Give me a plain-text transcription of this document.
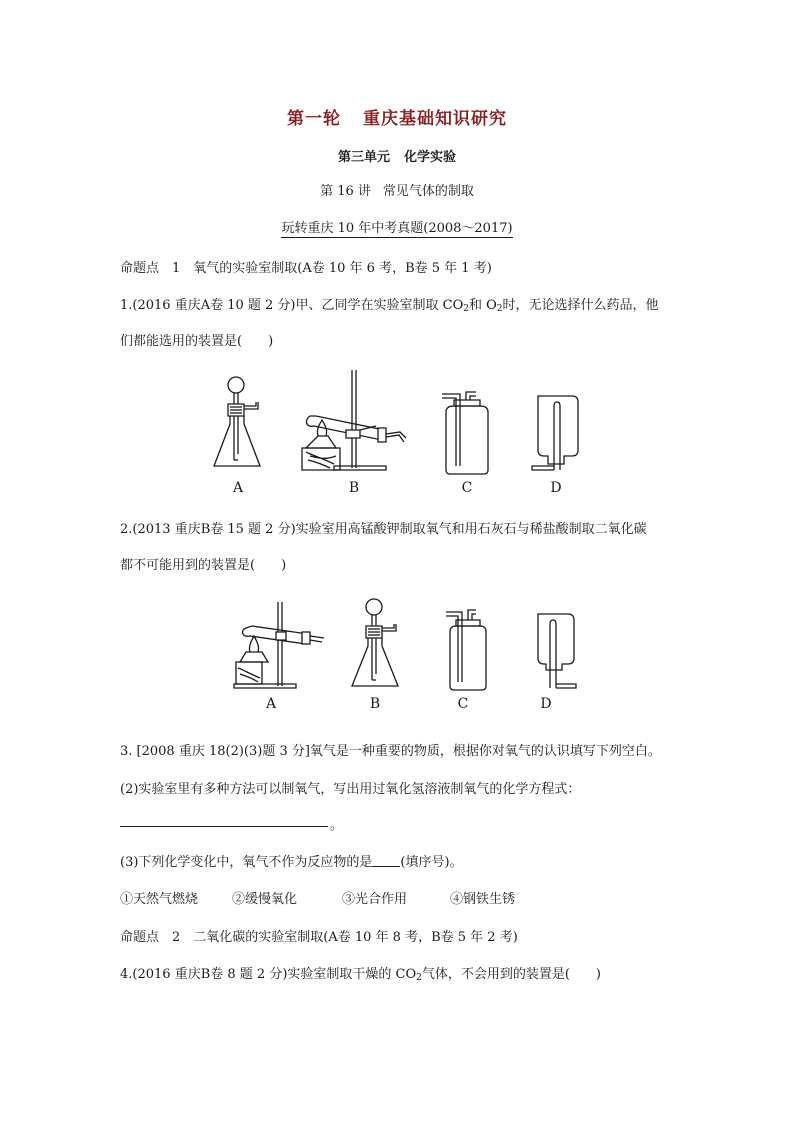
第一轮 重庆基础知识研究
第三单元 化学实验
第 16 讲 常见气体的制取
玩转重庆 10 年中考真题(2008～2017)
命题点　1　氧气的实验室制取(A卷 10 年 6 考，B卷 5 年 1 考)
1.(2016 重庆A卷 10 题 2 分)甲、乙同学在实验室制取 $CO_2$和 $O_2$时，无论选择什么药品，他
们都能选用的装置是(　　)
A	B	C	D
2.(2013 重庆B卷 15 题 2 分)实验室用高锰酸钾制取氧气和用石灰石与稀盐酸制取二氧化碳
都不可能用到的装置是(　　)
A	B	C	D
3. [2008 重庆 18(2)(3)题 3 分]氧气是一种重要的物质，根据你对氧气的认识填写下列空白。
(2)实验室里有多种方法可以制氧气，写出用过氧化氢溶液制氧气的化学方程式：
。
(3)下列化学变化中，氧气不作为反应物的是 (填序号)。
①天然气燃烧	②缓慢氧化	③光合作用	④钢铁生锈
命题点　2　二氧化碳的实验室制取(A卷 10 年 8 考，B卷 5 年 2 考)
4.(2016 重庆B卷 8 题 2 分)实验室制取干燥的 $CO_2$气体，不会用到的装置是(　　)
